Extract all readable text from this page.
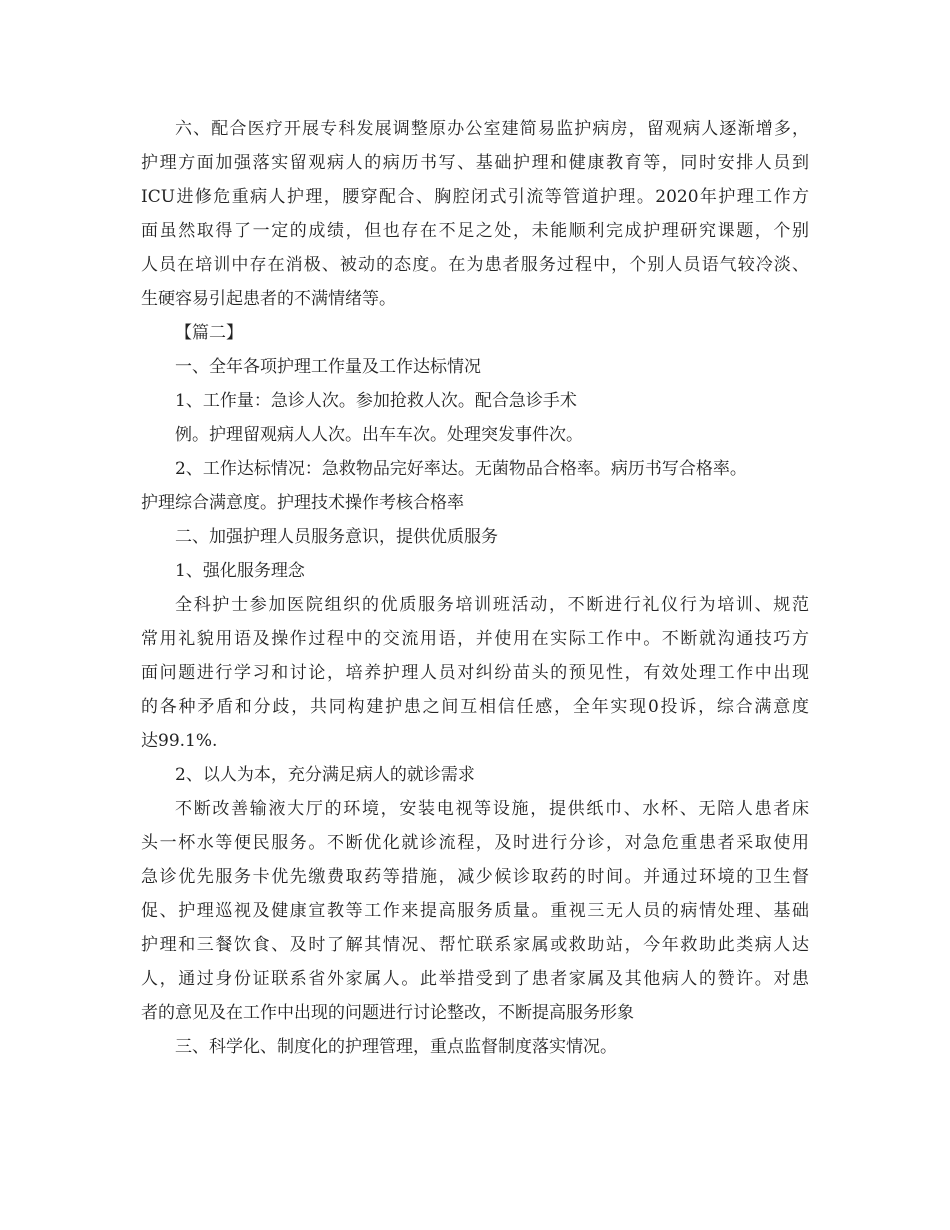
六、配合医疗开展专科发展调整原办公室建简易监护病房，留观病人逐渐增多，
护理方面加强落实留观病人的病历书写、基础护理和健康教育等，同时安排人员到
ICU进修危重病人护理，腰穿配合、胸腔闭式引流等管道护理。2020年护理工作方
面虽然取得了一定的成绩，但也存在不足之处，未能顺利完成护理研究课题，个别
人员在培训中存在消极、被动的态度。在为患者服务过程中，个别人员语气较冷淡、
生硬容易引起患者的不满情绪等。
【篇二】
一、全年各项护理工作量及工作达标情况
1、工作量：急诊人次。参加抢救人次。配合急诊手术
例。护理留观病人人次。出车车次。处理突发事件次。
2、工作达标情况：急救物品完好率达。无菌物品合格率。病历书写合格率。
护理综合满意度。护理技术操作考核合格率
二、加强护理人员服务意识，提供优质服务
1、强化服务理念
全科护士参加医院组织的优质服务培训班活动，不断进行礼仪行为培训、规范
常用礼貌用语及操作过程中的交流用语，并使用在实际工作中。不断就沟通技巧方
面问题进行学习和讨论，培养护理人员对纠纷苗头的预见性，有效处理工作中出现
的各种矛盾和分歧，共同构建护患之间互相信任感，全年实现0投诉，综合满意度
达99.1%.
2、以人为本，充分满足病人的就诊需求
不断改善输液大厅的环境，安装电视等设施，提供纸巾、水杯、无陪人患者床
头一杯水等便民服务。不断优化就诊流程，及时进行分诊，对急危重患者采取使用
急诊优先服务卡优先缴费取药等措施，减少候诊取药的时间。并通过环境的卫生督
促、护理巡视及健康宣教等工作来提高服务质量。重视三无人员的病情处理、基础
护理和三餐饮食、及时了解其情况、帮忙联系家属或救助站，今年救助此类病人达
人，通过身份证联系省外家属人。此举措受到了患者家属及其他病人的赞许。对患
者的意见及在工作中出现的问题进行讨论整改，不断提高服务形象
三、科学化、制度化的护理管理，重点监督制度落实情况。
